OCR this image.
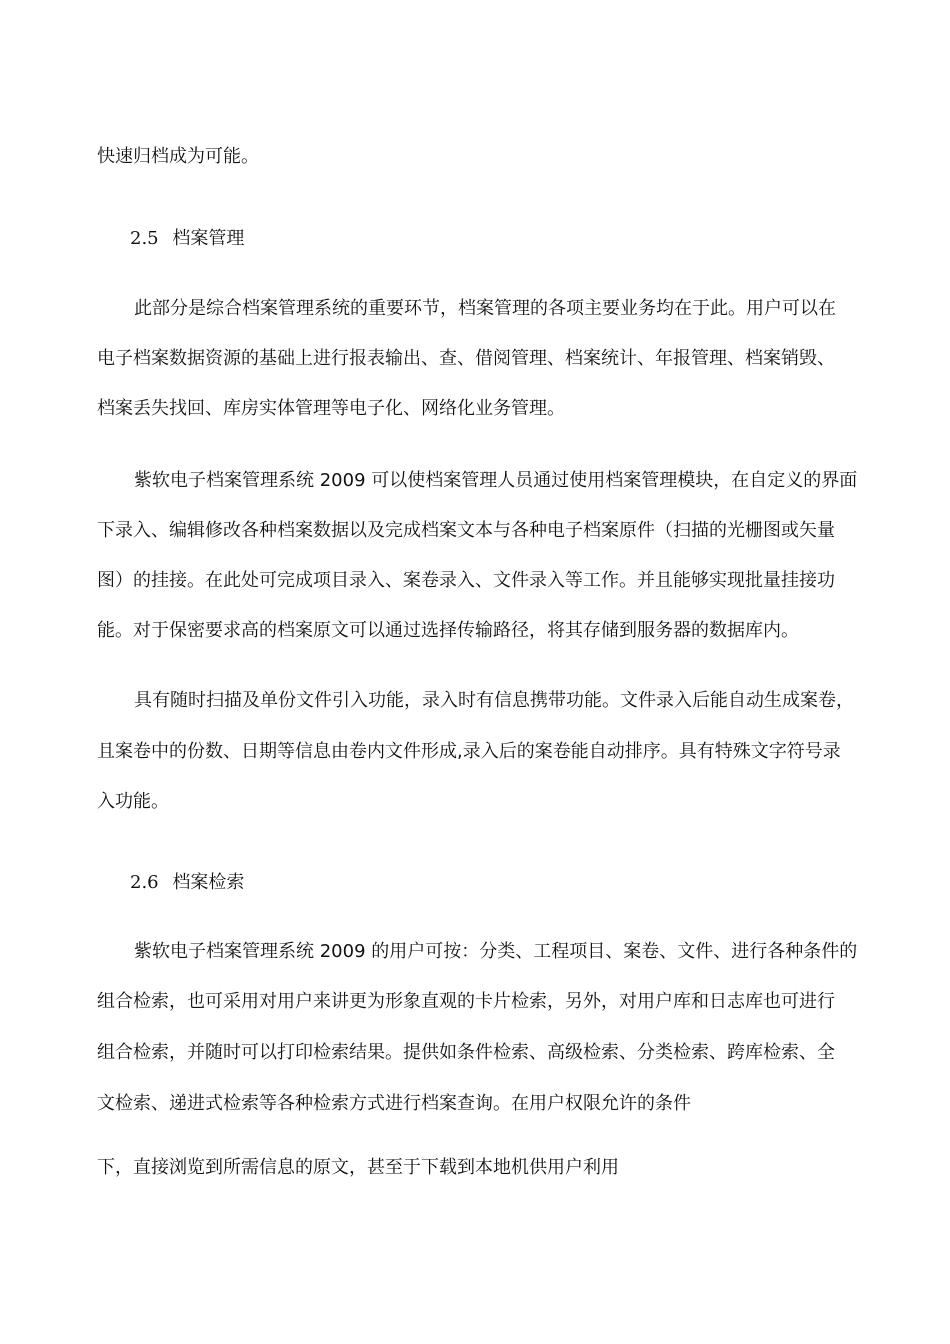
快速归档成为可能。
2.5 档案管理
此部分是综合档案管理系统的重要环节，档案管理的各项主要业务均在于此。用户可以在
电子档案数据资源的基础上进行报表输出、查、借阅管理、档案统计、年报管理、档案销毁、
档案丢失找回、库房实体管理等电子化、网络化业务管理。
紫软电子档案管理系统 2009 可以使档案管理人员通过使用档案管理模块，在自定义的界面
下录入、编辑修改各种档案数据以及完成档案文本与各种电子档案原件（扫描的光栅图或矢量
图）的挂接。在此处可完成项目录入、案卷录入、文件录入等工作。并且能够实现批量挂接功
能。对于保密要求高的档案原文可以通过选择传输路径，将其存储到服务器的数据库内。
具有随时扫描及单份文件引入功能，录入时有信息携带功能。文件录入后能自动生成案卷，
且案卷中的份数、日期等信息由卷内文件形成,录入后的案卷能自动排序。具有特殊文字符号录
入功能。
2.6 档案检索
紫软电子档案管理系统 2009 的用户可按：分类、工程项目、案卷、文件、进行各种条件的
组合检索，也可采用对用户来讲更为形象直观的卡片检索，另外，对用户库和日志库也可进行
组合检索，并随时可以打印检索结果。提供如条件检索、高级检索、分类检索、跨库检索、全
文检索、递进式检索等各种检索方式进行档案查询。在用户权限允许的条件
下，直接浏览到所需信息的原文，甚至于下载到本地机供用户利用
